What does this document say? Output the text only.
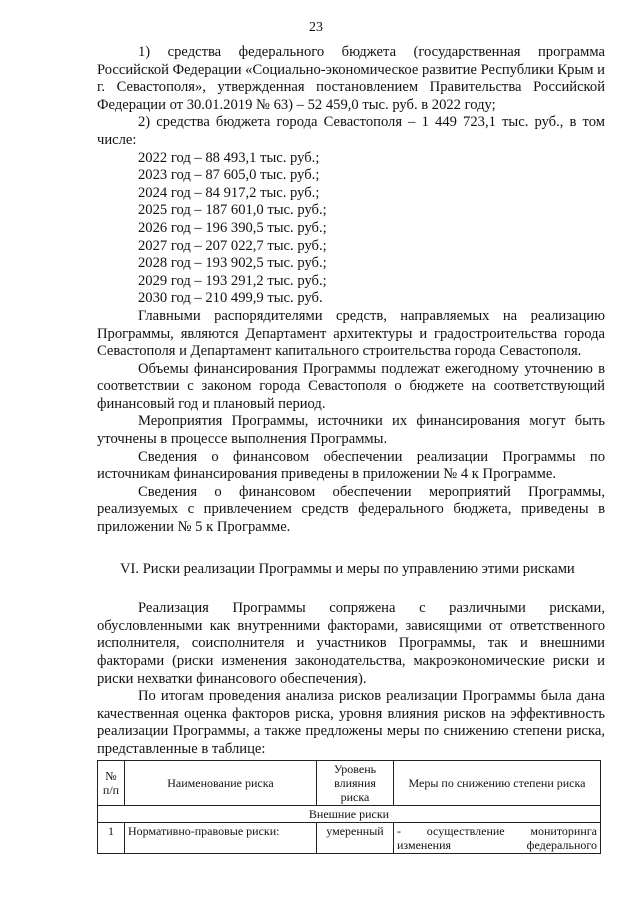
23

1) средства федерального бюджета (государственная программа Российской Федерации «Социально-экономическое развитие Республики Крым и г. Севастополя», утвержденная постановлением Правительства Российской Федерации от 30.01.2019 № 63) – 52 459,0 тыс. руб. в 2022 году;

2) средства бюджета города Севастополя – 1 449 723,1 тыс. руб., в том числе:

2022 год – 88 493,1 тыс. руб.;
2023 год – 87 605,0 тыс. руб.;
2024 год – 84 917,2 тыс. руб.;
2025 год – 187 601,0 тыс. руб.;
2026 год – 196 390,5 тыс. руб.;
2027 год – 207 022,7 тыс. руб.;
2028 год – 193 902,5 тыс. руб.;
2029 год – 193 291,2 тыс. руб.;
2030 год – 210 499,9 тыс. руб.

Главными распорядителями средств, направляемых на реализацию Программы, являются Департамент архитектуры и градостроительства города Севастополя и Департамент капитального строительства города Севастополя.

Объемы финансирования Программы подлежат ежегодному уточнению в соответствии с законом города Севастополя о бюджете на соответствующий финансовый год и плановый период.

Мероприятия Программы, источники их финансирования могут быть уточнены в процессе выполнения Программы.

Сведения о финансовом обеспечении реализации Программы по источникам финансирования приведены в приложении № 4 к Программе.

Сведения о финансовом обеспечении мероприятий Программы, реализуемых с привлечением средств федерального бюджета, приведены в приложении № 5 к Программе.

VI. Риски реализации Программы и меры по управлению этими рисками

Реализация Программы сопряжена с различными рисками, обусловленными как внутренними факторами, зависящими от ответственного исполнителя, соисполнителя и участников Программы, так и внешними факторами (риски изменения законодательства, макроэкономические риски и риски нехватки финансового обеспечения).

По итогам проведения анализа рисков реализации Программы была дана качественная оценка факторов риска, уровня влияния рисков на эффективность реализации Программы, а также предложены меры по снижению степени риска, представленные в таблице:

№ п/п	Наименование риска	Уровень влияния риска	Меры по снижению степени риска
Внешние риски			
1	Нормативно-правовые риски:	умеренный	- осуществление мониторинга изменения федерального
